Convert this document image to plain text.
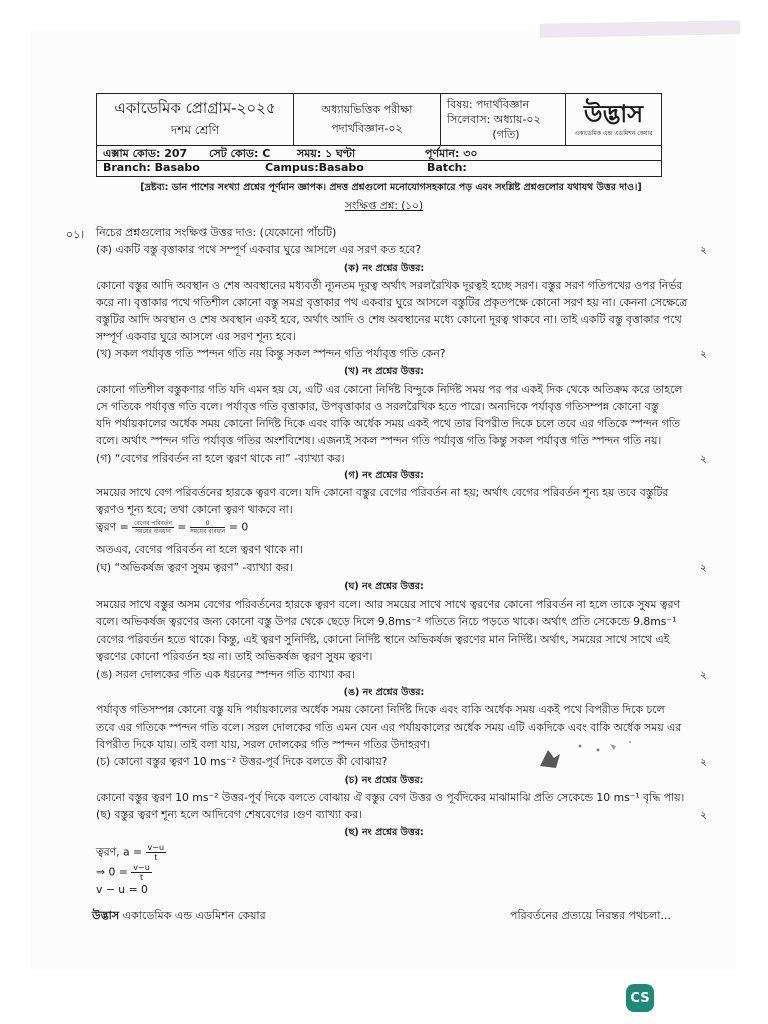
একাডেমিক প্রোগ্রাম-২০২৫
দশম শ্রেণি
অধ্যায়ভিত্তিক পরীক্ষা
পদার্থবিজ্ঞান-০২
বিষয়: পদার্থবিজ্ঞান
সিলেবাস: অধ্যায়-০২
(গতি)
উদ্ভাস
একাডেমিক এন্ড এডমিশন কেয়ার
এক্সাম কোড: 207 সেট কোড: C সময়: ১ ঘণ্টা	পূর্ণমান: ৩০
Branch: Basabo	Campus:Basabo	Batch:
[দ্রষ্টব্য: ডান পাশের সংখ্যা প্রশ্নের পূর্ণমান জ্ঞাপক। প্রদত্ত প্রশ্নগুলো মনোযোগসহকারে পড় এবং সংশ্লিষ্ট প্রশ্নগুলোর যথাযথ উত্তর দাও।]
সংক্ষিপ্ত প্রশ্ন: (১০)
০১। নিচের প্রশ্নগুলোর সংক্ষিপ্ত উত্তর দাও: (যেকোনো পাঁচটি)
(ক) একটি বস্তু বৃত্তাকার পথে সম্পূর্ণ একবার ঘুরে আসলে এর সরণ কত হবে?	২
(ক) নং প্রশ্নের উত্তর:
কোনো বস্তুর আদি অবস্থান ও শেষ অবস্থানের মধ্যবর্তী ন্যূনতম দূরত্ব অর্থাৎ সরলরৈখিক দূরত্বই হচ্ছে সরণ। বস্তুর সরণ গতিপথের ওপর নির্ভর
করে না। বৃত্তাকার পথে গতিশীল কোনো বস্তু সমগ্র বৃত্তাকার পথ একবার ঘুরে আসলে বস্তুটির প্রকৃতপক্ষে কোনো সরণ হয় না। কেননা সেক্ষেত্রে
বস্তুটির আদি অবস্থান ও শেষ অবস্থান একই হবে, অর্থাৎ আদি ও শেষ অবস্থানের মধ্যে কোনো দূরত্ব থাকবে না। তাই একটি বস্তু বৃত্তাকার পথে
সম্পূর্ণ একবার ঘুরে আসলে এর সরণ শূন্য হবে।
(খ) সকল পর্যাবৃত্ত গতি স্পন্দন গতি নয় কিন্তু সকল স্পন্দন গতি পর্যাবৃত্ত গতি কেন?	২
(খ) নং প্রশ্নের উত্তর:
কোনো গতিশীল বস্তুকণার গতি যদি এমন হয় যে, এটি এর কোনো নির্দিষ্ট বিন্দুকে নির্দিষ্ট সময় পর পর একই দিক থেকে অতিক্রম করে তাহলে
সে গতিকে পর্যাবৃত্ত গতি বলে। পর্যাবৃত্ত গতি বৃত্তাকার, উপবৃত্তাকার ও সরলরৈখিক হতে পারে। অন্যদিকে পর্যাবৃত্ত গতিসম্পন্ন কোনো বস্তু
যদি পর্যায়কালের অর্ধেক সময় কোনো নির্দিষ্ট দিকে এবং বাকি অর্ধেক সময় একই পথে তার বিপরীত দিকে চলে তবে এর গতিকে স্পন্দন গতি
বলে। অর্থাৎ স্পন্দন গতি পর্যাবৃত্ত গতির অংশবিশেষ। এজন্যই সকল স্পন্দন গতি পর্যাবৃত্ত গতি কিন্তু সকল পর্যাবৃত্ত গতি স্পন্দন গতি নয়।
(গ) “বেগের পরিবর্তন না হলে ত্বরণ থাকে না” -ব্যাখ্যা কর।	২
(গ) নং প্রশ্নের উত্তর:
সময়ের সাথে বেগ পরিবর্তনের হারকে ত্বরণ বলে। যদি কোনো বস্তুর বেগের পরিবর্তন না হয়; অর্থাৎ বেগের পরিবর্তন শূন্য হয় তবে বস্তুটির
ত্বরণও শূন্য হবে; তথা কোনো ত্বরণ থাকবে না।
ত্বরণ = $\frac{\text{বেগের পরিবর্তন}}{\text{সময়ের ব্যবধান}} = \frac{0}{\text{সময়ের ব্যবধান}} = 0$
অতএব, বেগের পরিবর্তন না হলে ত্বরণ থাকে না।
(ঘ) “অভিকর্ষজ ত্বরণ সুষম ত্বরণ” -ব্যাখ্যা কর।	২
(ঘ) নং প্রশ্নের উত্তর:
সময়ের সাথে বস্তুর অসম বেগের পরিবর্তনের হারকে ত্বরণ বলে। আর সময়ের সাথে সাথে ত্বরণের কোনো পরিবর্তন না হলে তাকে সুষম ত্বরণ
বলে। অভিকর্ষজ ত্বরণের জন্য কোনো বস্তু উপর থেকে ছেড়ে দিলে 9.8ms⁻² গতিতে নিচে পড়তে থাকে। অর্থাৎ প্রতি সেকেন্ডে 9.8ms⁻¹
বেগের পরিবর্তন হতে থাকে। কিন্তু, এই ত্বরণ সুনির্দিষ্ট, কোনো নির্দিষ্ট স্থানে অভিকর্ষজ ত্বরণের মান নির্দিষ্ট। অর্থাৎ, সময়ের সাথে সাথে এই
ত্বরণের কোনো পরিবর্তন হয় না। তাই অভিকর্ষজ ত্বরণ সুষম ত্বরণ।
(ঙ) সরল দোলকের গতি এক ধরনের স্পন্দন গতি ব্যাখ্যা কর।	২
(ঙ) নং প্রশ্নের উত্তর:
পর্যাবৃত্ত গতিসম্পন্ন কোনো বস্তু যদি পর্যায়কালের অর্ধেক সময় কোনো নির্দিষ্ট দিকে এবং বাকি অর্ধেক সময় একই পথে বিপরীত দিকে চলে
তবে এর গতিকে স্পন্দন গতি বলে। সরল দোলকের গতি এমন যেন এর পর্যায়কালের অর্ধেক সময় এটি একদিকে এবং বাকি অর্ধেক সময় এর
বিপরীত দিকে যায়। তাই বলা যায়, সরল দোলকের গতি স্পন্দন গতির উদাহরণ।
(চ) কোনো বস্তুর ত্বরণ 10 ms⁻² উত্তর-পূর্ব দিকে বলতে কী বোঝায়?	২
(চ) নং প্রশ্নের উত্তর:
কোনো বস্তুর ত্বরণ 10 ms⁻² উত্তর-পূর্ব দিকে বলতে বোঝায় ঐ বস্তুর বেগ উত্তর ও পূর্বদিকের মাঝামাঝি প্রতি সেকেন্ডে 10 ms⁻¹ বৃদ্ধি পায়।
(ছ) বস্তুর ত্বরণ শূন্য হলে আদিবেগ শেষবেগের ।গুণ ব্যাখ্যা কর।	২
(ছ) নং প্রশ্নের উত্তর:
ত্বরণ, $a = \frac{v-u}{t}$
⇒ $0 = \frac{v-u}{t}$
v − u = 0
উদ্ভাস একাডেমিক এন্ড এডমিশন কেয়ার	পরিবর্তনের প্রত্যয়ে নিরন্তর পথচলা...
CS
